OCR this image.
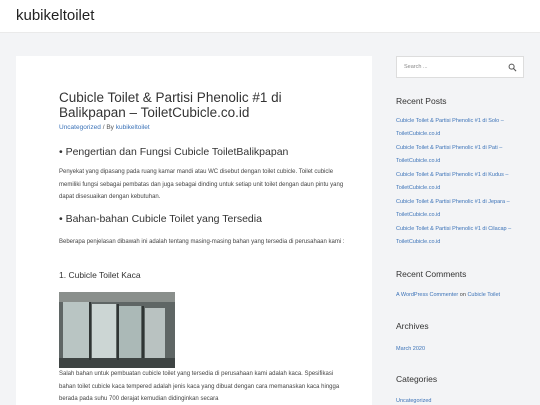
kubikeltoilet
Cubicle Toilet & Partisi Phenolic #1 di Balikpapan – ToiletCubicle.co.id
Uncategorized / By kubikeltoilet
• Pengertian dan Fungsi Cubicle ToiletBalikpapan
Penyekat yang dipasang pada ruang kamar mandi atau WC disebut dengan toilet cubicle. Toilet cubicle memiliki fungsi sebagai pembatas dan juga sebagai dinding untuk setiap unit toilet dengan daun pintu yang dapat disesuaikan dengan kebutuhan.
• Bahan-bahan Cubicle Toilet yang Tersedia
Beberapa penjelasan dibawah ini adalah tentang masing-masing bahan yang tersedia di perusahaan kami :
1. Cubicle Toilet Kaca
Salah bahan untuk pembuatan cubicle toilet yang tersedia di perusahaan kami adalah kaca. Spesifikasi bahan toilet cubicle kaca tempered adalah jenis kaca yang dibuat dengan cara memanaskan kaca hingga berada pada suhu 700 derajat kemudian didinginkan secara
Search ...
Recent Posts
Cubicle Toilet & Partisi Phenolic #1 di Solo – ToiletCubicle.co.id
Cubicle Toilet & Partisi Phenolic #1 di Pati – ToiletCubicle.co.id
Cubicle Toilet & Partisi Phenolic #1 di Kudus – ToiletCubicle.co.id
Cubicle Toilet & Partisi Phenolic #1 di Jepara – ToiletCubicle.co.id
Cubicle Toilet & Partisi Phenolic #1 di Cilacap – ToiletCubicle.co.id
Recent Comments
A WordPress Commenter on Cubicle Toilet
Archives
March 2020
Categories
Uncategorized
